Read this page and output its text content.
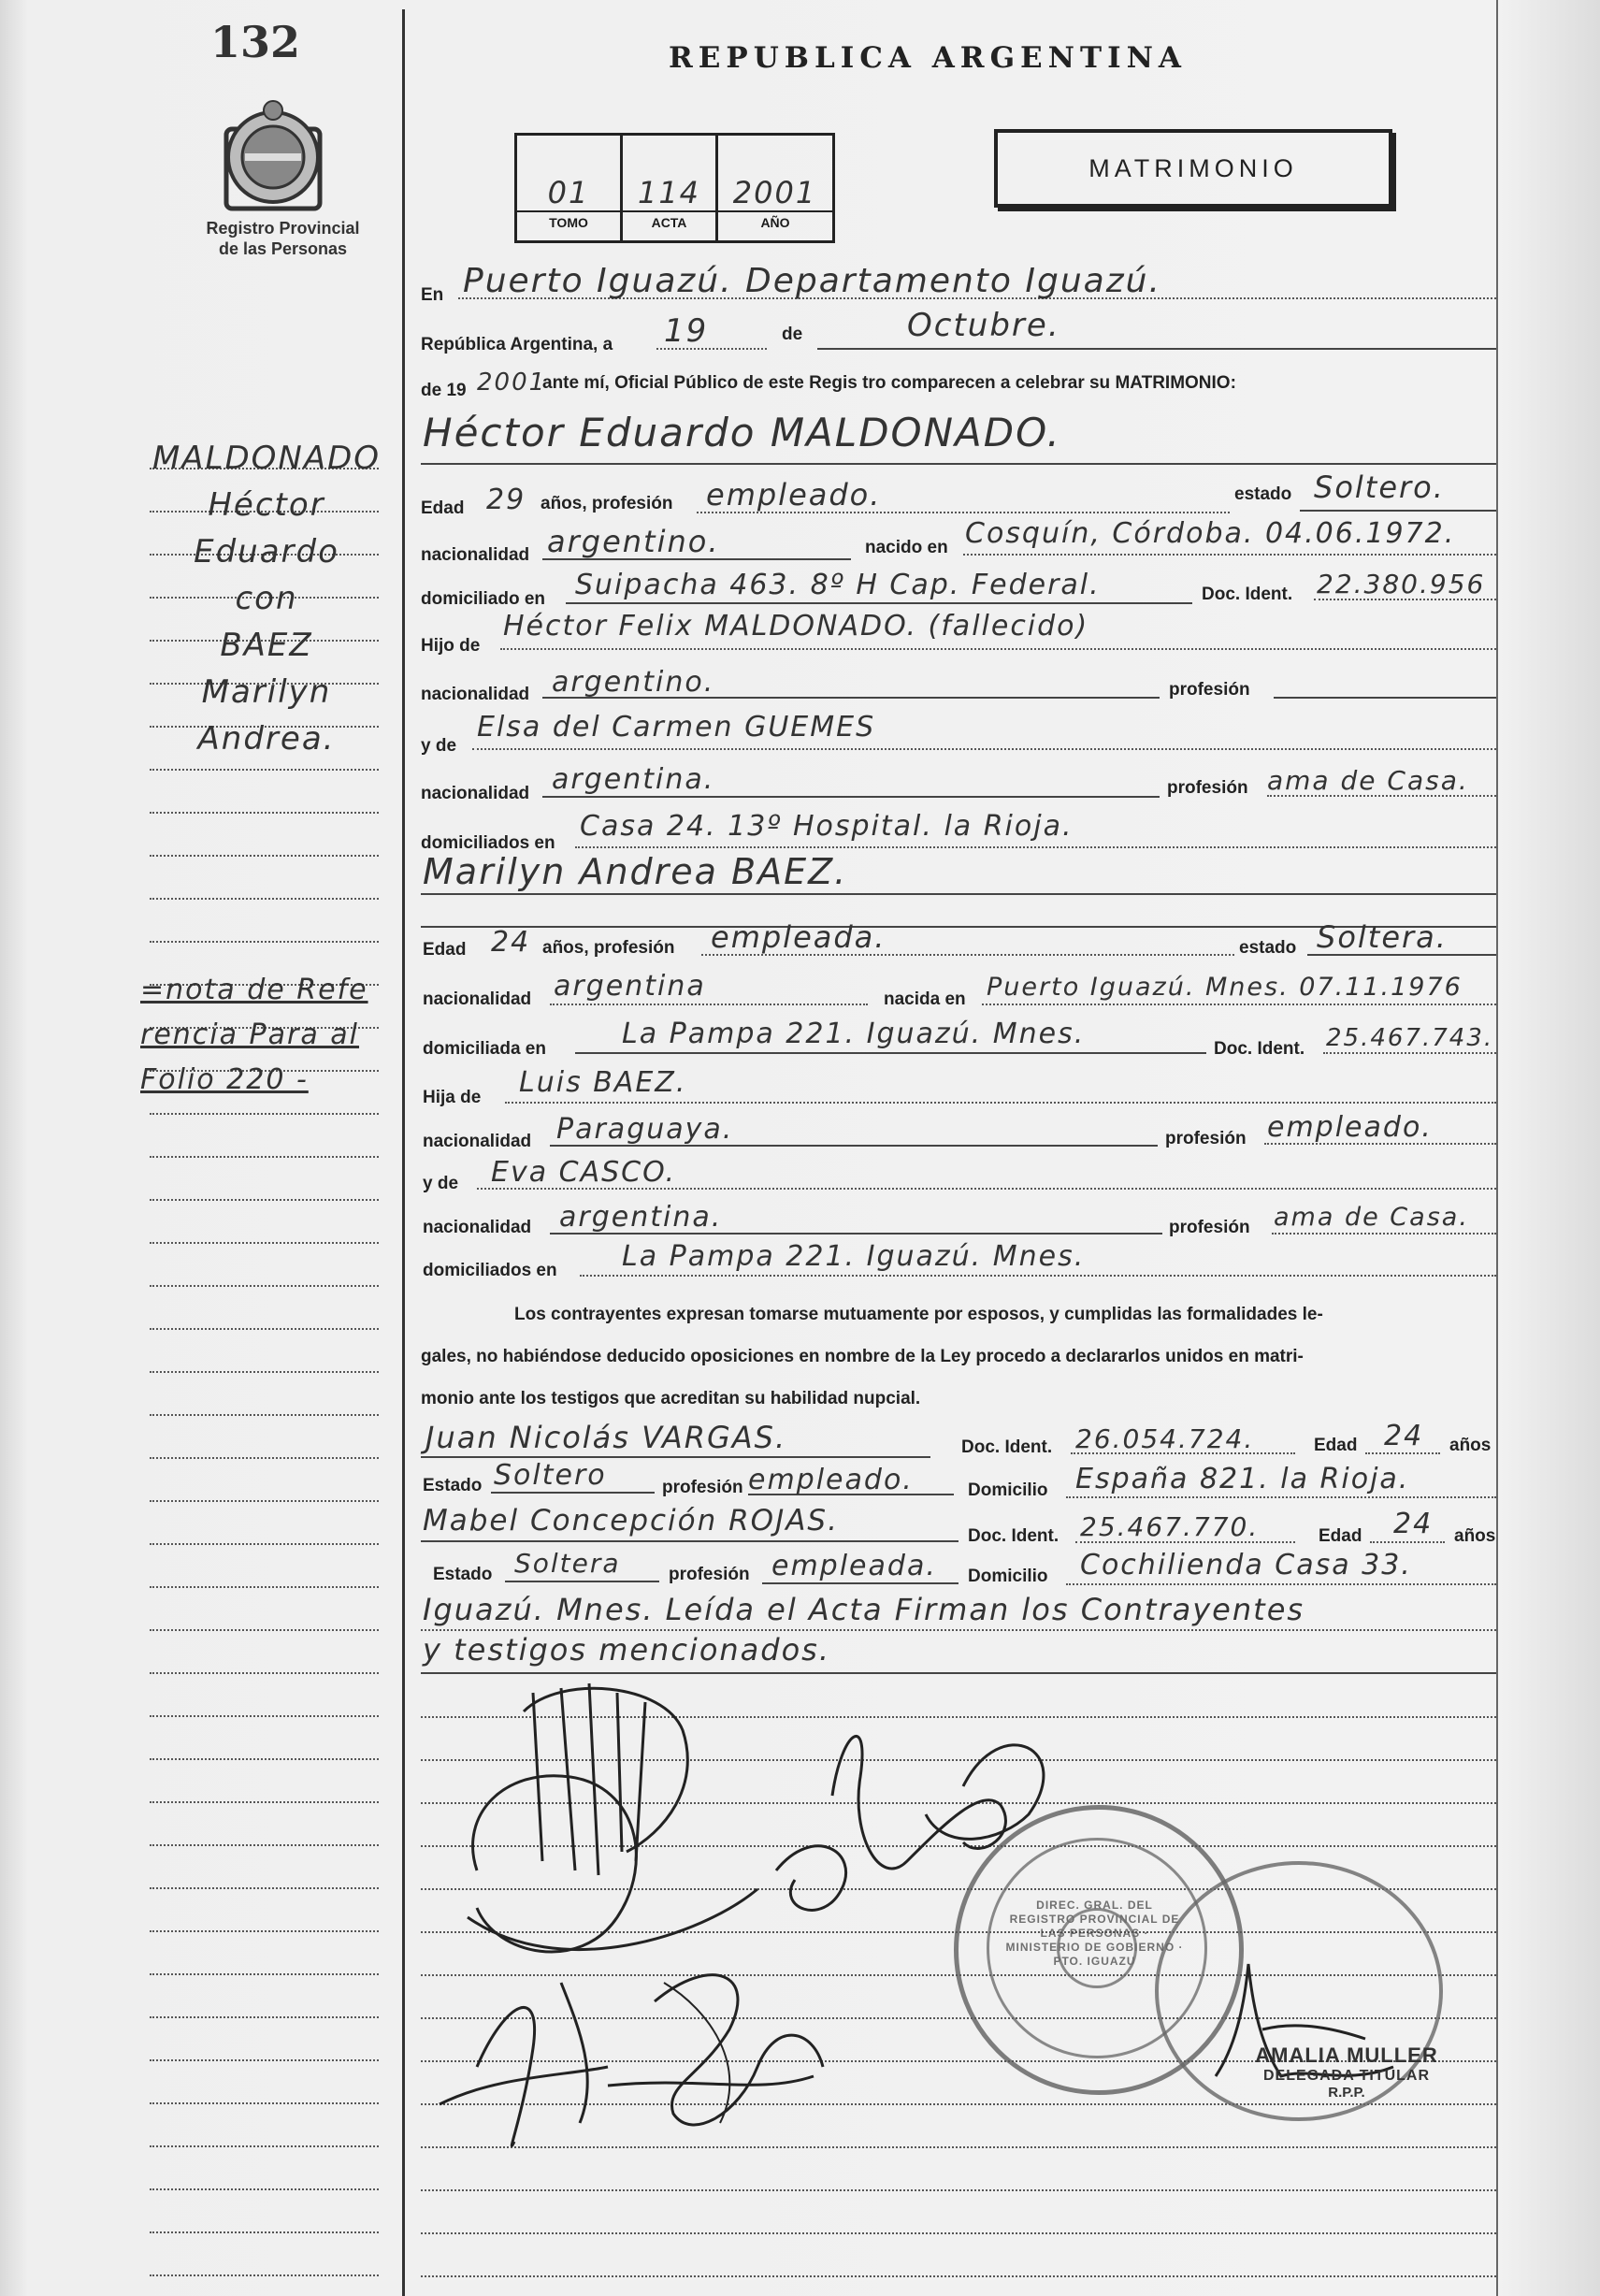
132
Registro Provincial
de las Personas
MALDONADO
Héctor
Eduardo
con
BAEZ
Marilyn
Andrea.
=nota de Refe
rencia Para al
Folio 220 -
REPUBLICA ARGENTINA
MATRIMONIO
01	114	2001
TOMO	ACTA	AÑO
En Puerto Iguazú. Departamento Iguazú.
República Argentina, a 19	de	Octubre.
de 19 2001
ante mí, Oficial Público de este Regis tro comparecen a celebrar su MATRIMONIO:
Héctor Eduardo MALDONADO.
Edad 29 años, profesión empleado.	estado Soltero.
nacionalidad argentino.	nacido en Cosquín, Córdoba. 04.06.1972.
domiciliado en Suipacha 463. 8º H Cap. Federal.	Doc. Ident. 22.380.956
Hijo de
Héctor Felix MALDONADO. (fallecido)
nacionalidad argentino.	profesión
y de
Elsa del Carmen GUEMES
nacionalidad argentina.	profesión ama de Casa.
domiciliados en
Casa 24. 13º Hospital. la Rioja.
Marilyn Andrea BAEZ.
Edad 24 años, profesión empleada.	estado Soltera.
nacionalidad argentina	nacida en Puerto Iguazú. Mnes. 07.11.1976
domiciliada en	La Pampa 221. Iguazú. Mnes.	Doc. Ident. 25.467.743.
Hija de Luis BAEZ.
nacionalidad Paraguaya.	profesión empleado.
y de Eva CASCO.
nacionalidad argentina.	profesión ama de Casa.
domiciliados en La Pampa 221. Iguazú. Mnes.
Los contrayentes expresan tomarse mutuamente por esposos, y cumplidas las formalidades le-
gales, no habiéndose deducido oposiciones en nombre de la Ley procedo a declararlos unidos en matri-
monio ante los testigos que acreditan su habilidad nupcial.
Juan Nicolás VARGAS.	Doc. Ident. 26.054.724.	Edad 24 años
Estado Soltero	profesión empleado.	Domicilio España 821. la Rioja.
Mabel Concepción ROJAS.	Doc. Ident. 25.467.770.	Edad 24 años
Estado Soltera	profesión empleada. Domicilio Cochilienda Casa 33.
Iguazú. Mnes. Leída el Acta Firman los Contrayentes
y testigos mencionados.
DIREC. GRAL. DEL REGISTRO PROVINCIAL DE LAS PERSONAS · MINISTERIO DE GOBIERNO · PTO. IGUAZU
AMALIA MULLER
DELEGADA TITULAR
R.P.P.
